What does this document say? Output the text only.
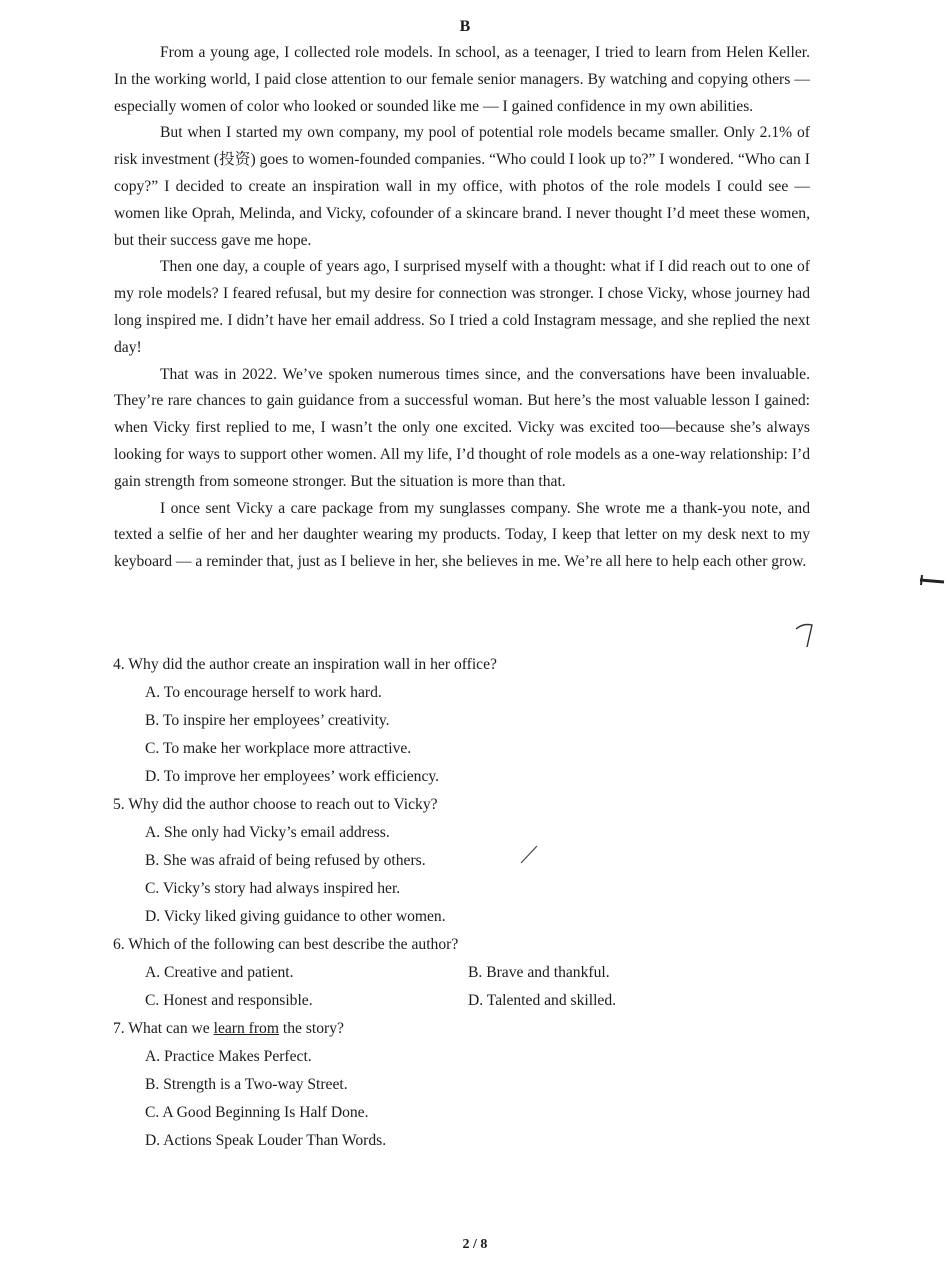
B

From a young age, I collected role models. In school, as a teenager, I tried to learn from Helen Keller. In the working world, I paid close attention to our female senior managers. By watching and copying others — especially women of color who looked or sounded like me — I gained confidence in my own abilities.

But when I started my own company, my pool of potential role models became smaller. Only 2.1% of risk investment (投资) goes to women-founded companies. “Who could I look up to?” I wondered. “Who can I copy?” I decided to create an inspiration wall in my office, with photos of the role models I could see — women like Oprah, Melinda, and Vicky, cofounder of a skincare brand. I never thought I’d meet these women, but their success gave me hope.

Then one day, a couple of years ago, I surprised myself with a thought: what if I did reach out to one of my role models? I feared refusal, but my desire for connection was stronger. I chose Vicky, whose journey had long inspired me. I didn’t have her email address. So I tried a cold Instagram message, and she replied the next day!

That was in 2022. We’ve spoken numerous times since, and the conversations have been invaluable. They’re rare chances to gain guidance from a successful woman. But here’s the most valuable lesson I gained: when Vicky first replied to me, I wasn’t the only one excited. Vicky was excited too—because she’s always looking for ways to support other women. All my life, I’d thought of role models as a one-way relationship: I’d gain strength from someone stronger. But the situation is more than that.

I once sent Vicky a care package from my sunglasses company. She wrote me a thank-you note, and texted a selfie of her and her daughter wearing my products. Today, I keep that letter on my desk next to my keyboard — a reminder that, just as I believe in her, she believes in me. We’re all here to help each other grow.

4. Why did the author create an inspiration wall in her office?
A. To encourage herself to work hard.
B. To inspire her employees’ creativity.
C. To make her workplace more attractive.
D. To improve her employees’ work efficiency.
5. Why did the author choose to reach out to Vicky?
A. She only had Vicky’s email address.
B. She was afraid of being refused by others.
C. Vicky’s story had always inspired her.
D. Vicky liked giving guidance to other women.
6. Which of the following can best describe the author?
A. Creative and patient.	B. Brave and thankful.
C. Honest and responsible.	D. Talented and skilled.
7. What can we learn from the story?
A. Practice Makes Perfect.
B. Strength is a Two-way Street.
C. A Good Beginning Is Half Done.
D. Actions Speak Louder Than Words.
2 / 8
